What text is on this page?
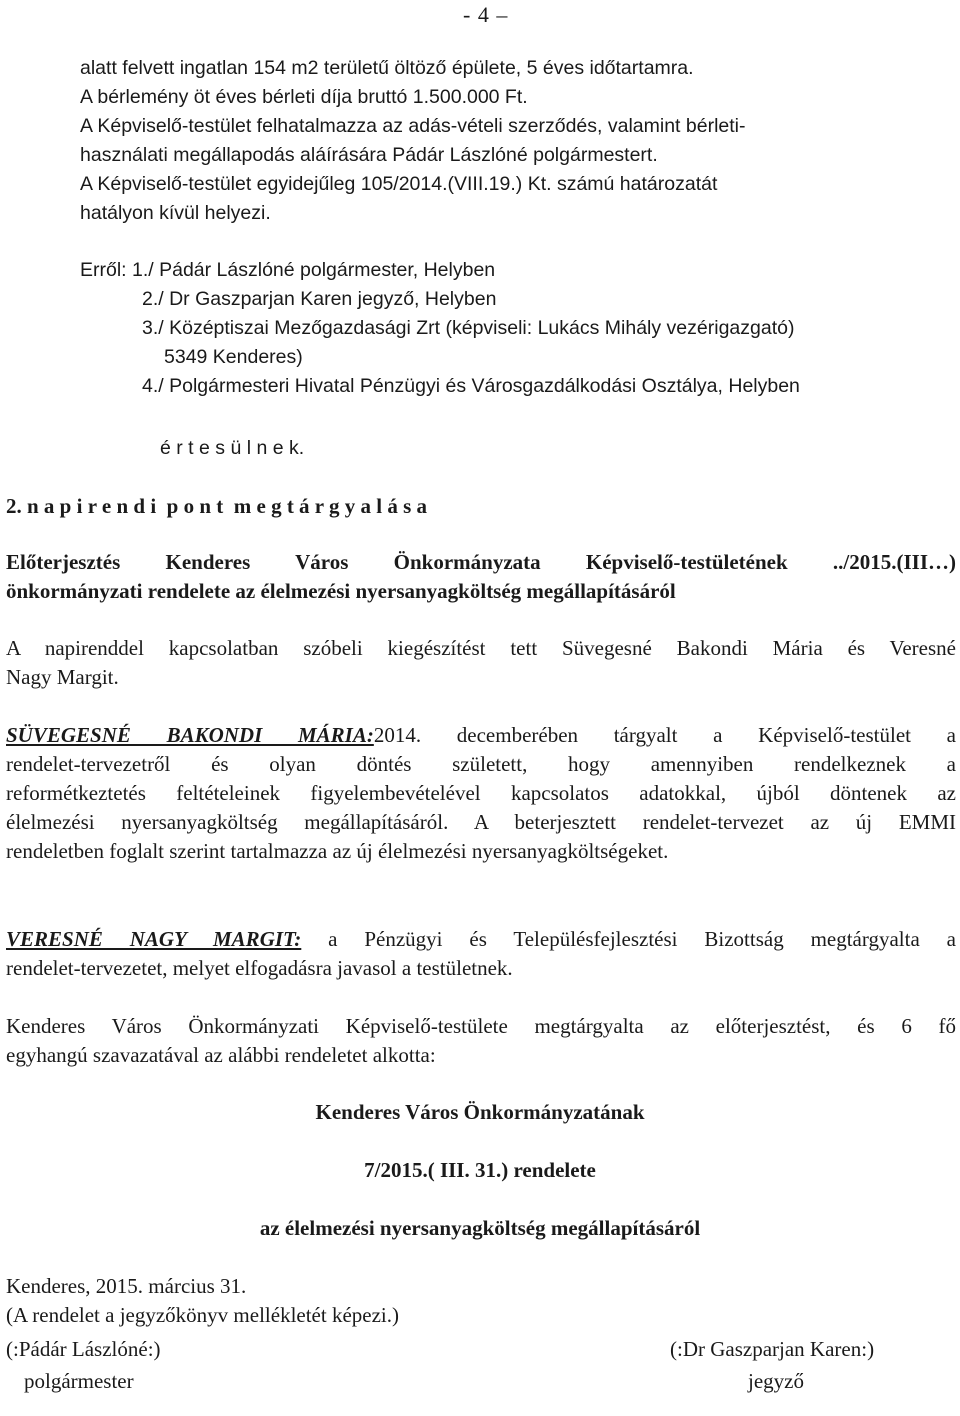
- 4 –
alatt felvett ingatlan 154 m2 területű öltöző épülete, 5 éves időtartamra.
A bérlemény öt éves bérleti díja bruttó 1.500.000 Ft.
A Képviselő-testület felhatalmazza az adás-vételi szerződés, valamint bérleti-
használati megállapodás aláírására Pádár Lászlóné polgármestert.
A Képviselő-testület egyidejűleg 105/2014.(VIII.19.) Kt. számú határozatát
hatályon kívül helyezi.
Erről: 1./ Pádár Lászlóné polgármester, Helyben
2./ Dr Gaszparjan Karen jegyző, Helyben
3./ Középtiszai Mezőgazdasági Zrt (képviseli: Lukács Mihály vezérigazgató)
5349 Kenderes)
4./ Polgármesteri Hivatal Pénzügyi és Városgazdálkodási Osztálya, Helyben
é r t e s ü l n e k.
2. n a p i r e n d i  p o n t  m e g t á r g y a l á s a
Előterjesztés Kenderes Város Önkormányzata Képviselő-testületének ../2015.(III…)
önkormányzati rendelete az élelmezési nyersanyagköltség megállapításáról
A napirenddel kapcsolatban szóbeli kiegészítést tett Süvegesné Bakondi Mária és Veresné
Nagy Margit.
SÜVEGESNÉ BAKONDI MÁRIA:2014. decemberében tárgyalt a Képviselő-testület a
rendelet-tervezetről és olyan döntés született, hogy amennyiben rendelkeznek a
reformétkeztetés feltételeinek figyelembevételével kapcsolatos adatokkal, újból döntenek az
élelmezési nyersanyagköltség megállapításáról. A beterjesztett rendelet-tervezet az új EMMI
rendeletben foglalt szerint tartalmazza az új élelmezési nyersanyagköltségeket.
VERESNÉ NAGY MARGIT: a Pénzügyi és Településfejlesztési Bizottság megtárgyalta a
rendelet-tervezetet, melyet elfogadásra javasol a testületnek.
Kenderes Város Önkormányzati Képviselő-testülete megtárgyalta az előterjesztést, és 6 fő
egyhangú szavazatával az alábbi rendeletet alkotta:
Kenderes Város Önkormányzatának
7/2015.( III. 31.) rendelete
az élelmezési nyersanyagköltség megállapításáról
Kenderes, 2015. március 31.
(A rendelet a jegyzőkönyv mellékletét képezi.)
(:Pádár Lászlóné:)
polgármester
(:Dr Gaszparjan Karen:)
jegyző
